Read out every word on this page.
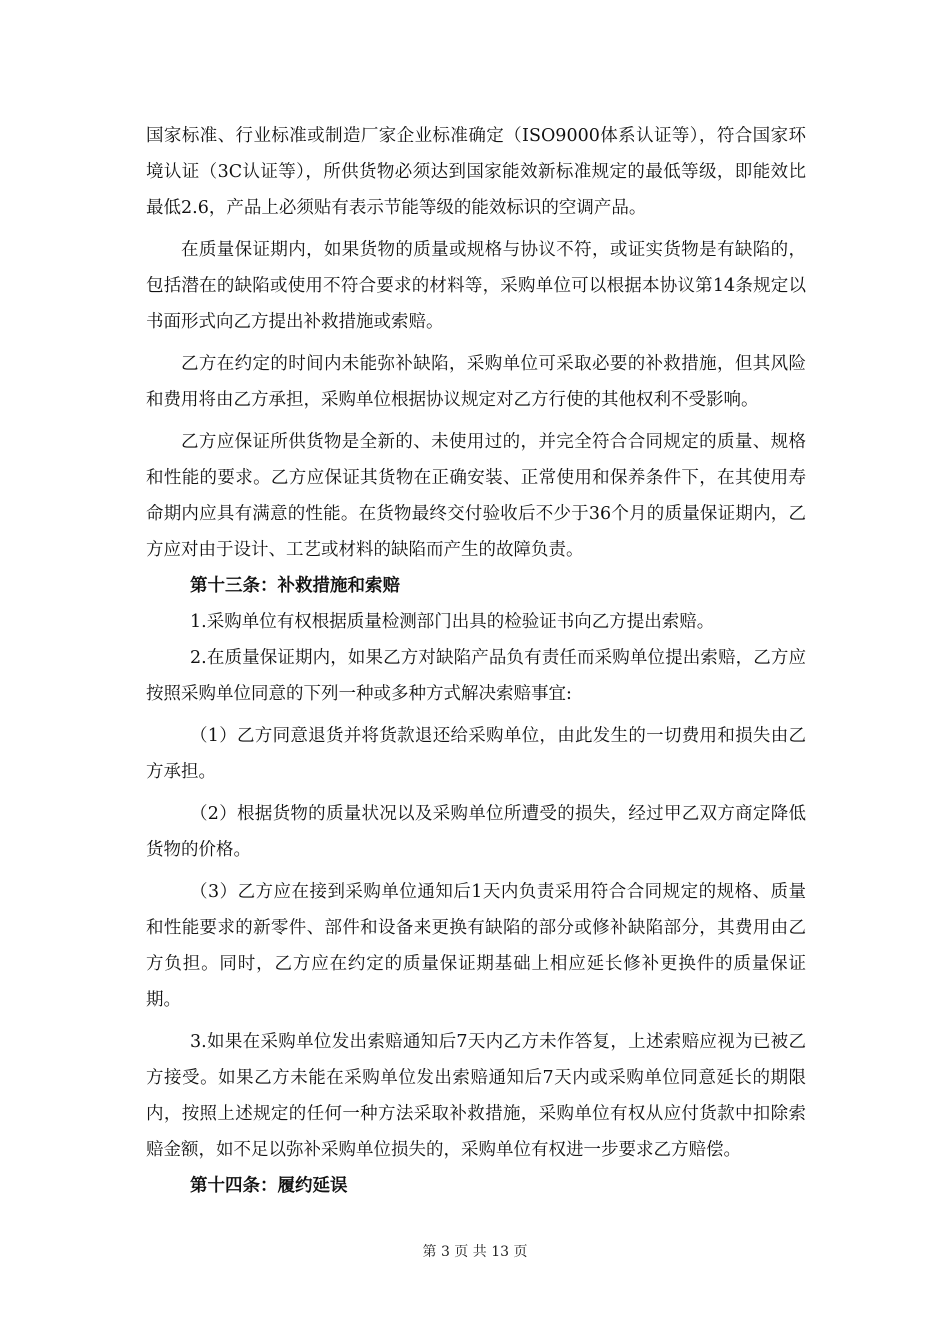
国家标准、行业标准或制造厂家企业标准确定（ISO9000体系认证等），符合国家环境认证（3C认证等），所供货物必须达到国家能效新标准规定的最低等级，即能效比最低2.6，产品上必须贴有表示节能等级的能效标识的空调产品。

在质量保证期内，如果货物的质量或规格与协议不符，或证实货物是有缺陷的，包括潜在的缺陷或使用不符合要求的材料等，采购单位可以根据本协议第14条规定以书面形式向乙方提出补救措施或索赔。

乙方在约定的时间内未能弥补缺陷，采购单位可采取必要的补救措施，但其风险和费用将由乙方承担，采购单位根据协议规定对乙方行使的其他权利不受影响。

乙方应保证所供货物是全新的、未使用过的，并完全符合合同规定的质量、规格和性能的要求。乙方应保证其货物在正确安装、正常使用和保养条件下，在其使用寿命期内应具有满意的性能。在货物最终交付验收后不少于36个月的质量保证期内，乙方应对由于设计、工艺或材料的缺陷而产生的故障负责。

第十三条：补救措施和索赔

1.采购单位有权根据质量检测部门出具的检验证书向乙方提出索赔。

2.在质量保证期内，如果乙方对缺陷产品负有责任而采购单位提出索赔，乙方应按照采购单位同意的下列一种或多种方式解决索赔事宜:

（1）乙方同意退货并将货款退还给采购单位，由此发生的一切费用和损失由乙方承担。

（2）根据货物的质量状况以及采购单位所遭受的损失，经过甲乙双方商定降低货物的价格。

（3）乙方应在接到采购单位通知后1天内负责采用符合合同规定的规格、质量和性能要求的新零件、部件和设备来更换有缺陷的部分或修补缺陷部分，其费用由乙方负担。同时，乙方应在约定的质量保证期基础上相应延长修补更换件的质量保证期。

3.如果在采购单位发出索赔通知后7天内乙方未作答复，上述索赔应视为已被乙方接受。如果乙方未能在采购单位发出索赔通知后7天内或采购单位同意延长的期限内，按照上述规定的任何一种方法采取补救措施，采购单位有权从应付货款中扣除索赔金额，如不足以弥补采购单位损失的，采购单位有权进一步要求乙方赔偿。

第十四条：履约延误

第 3 页 共 13 页
